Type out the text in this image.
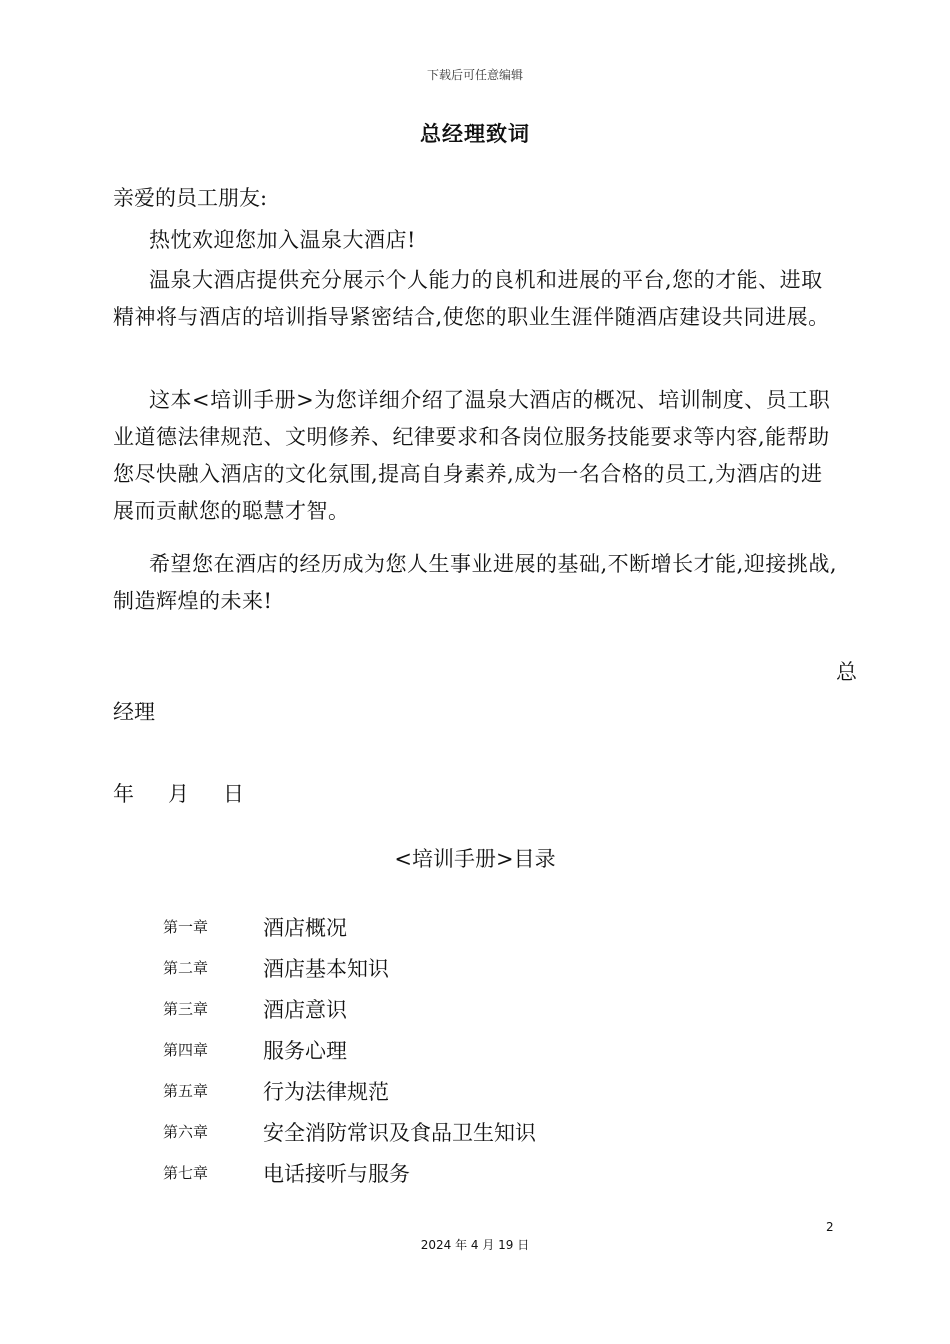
下载后可任意编辑
总经理致词
亲爱的员工朋友:
热忱欢迎您加入温泉大酒店!
温泉大酒店提供充分展示个人能力的良机和进展的平台,您的才能、进取精神将与酒店的培训指导紧密结合,使您的职业生涯伴随酒店建设共同进展。
这本<培训手册>为您详细介绍了温泉大酒店的概况、培训制度、员工职业道德法律规范、文明修养、纪律要求和各岗位服务技能要求等内容,能帮助您尽快融入酒店的文化氛围,提高自身素养,成为一名合格的员工,为酒店的进展而贡献您的聪慧才智。
希望您在酒店的经历成为您人生事业进展的基础,不断增长才能,迎接挑战,制造辉煌的未来!
总
经理
年 月 日
<培训手册>目录
第一章	酒店概况
第二章	酒店基本知识
第三章	酒店意识
第四章	服务心理
第五章	行为法律规范
第六章	安全消防常识及食品卫生知识
第七章	电话接听与服务
2
2024 年 4 月 19 日
